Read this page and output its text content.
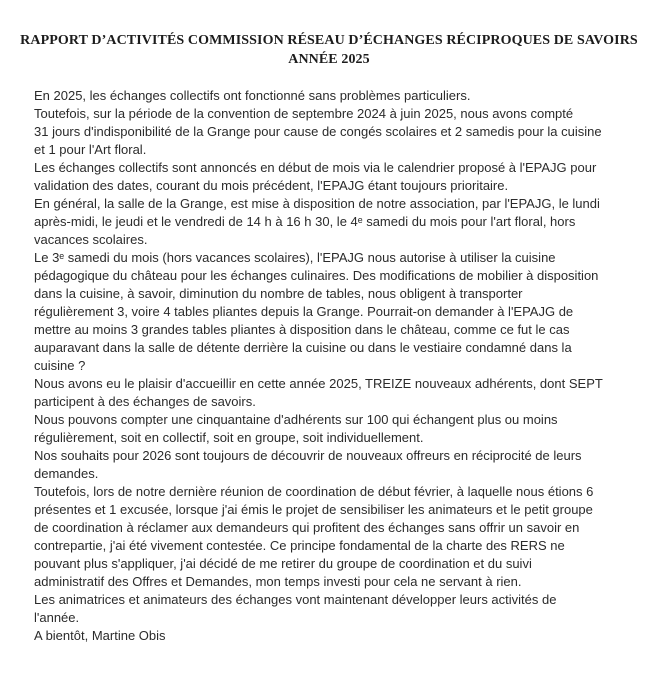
RAPPORT D’ACTIVITÉS COMMISSION RÉSEAU D’ÉCHANGES RÉCIPROQUES DE SAVOIRS
ANNÉE 2025

En 2025, les échanges collectifs ont fonctionné sans problèmes particuliers.

Toutefois, sur la période de la convention de septembre 2024 à juin 2025, nous avons compté
31 jours d'indisponibilité de la Grange pour cause de congés scolaires et 2 samedis pour la cuisine
et 1 pour l'Art floral.

Les échanges collectifs sont annoncés en début de mois via le calendrier proposé à l'EPAJG pour
validation des dates, courant du mois précédent, l'EPAJG étant toujours prioritaire.

En général, la salle de la Grange, est mise à disposition de notre association, par l'EPAJG, le lundi
après-midi, le jeudi et le vendredi de 14 h à 16 h 30, le 4ᵉ samedi du mois pour l'art floral, hors
vacances scolaires.

Le 3ᵉ samedi du mois (hors vacances scolaires), l'EPAJG nous autorise à utiliser la cuisine
pédagogique du château pour les échanges culinaires. Des modifications de mobilier à disposition
dans la cuisine, à savoir, diminution du nombre de tables, nous obligent à transporter
régulièrement 3, voire 4 tables pliantes depuis la Grange. Pourrait-on demander à l'EPAJG de
mettre au moins 3 grandes tables pliantes à disposition dans le château, comme ce fut le cas
auparavant dans la salle de détente derrière la cuisine ou dans le vestiaire condamné dans la
cuisine ?

Nous avons eu le plaisir d'accueillir en cette année 2025, TREIZE nouveaux adhérents, dont SEPT
participent à des échanges de savoirs.

Nous pouvons compter une cinquantaine d'adhérents sur 100 qui échangent plus ou moins
régulièrement, soit en collectif, soit en groupe, soit individuellement.

Nos souhaits pour 2026 sont toujours de découvrir de nouveaux offreurs en réciprocité de leurs
demandes.

Toutefois, lors de notre dernière réunion de coordination de début février, à laquelle nous étions 6
présentes et 1 excusée, lorsque j'ai émis le projet de sensibiliser les animateurs et le petit groupe
de coordination à réclamer aux demandeurs qui profitent des échanges sans offrir un savoir en
contrepartie, j'ai été vivement contestée. Ce principe fondamental de la charte des RERS ne
pouvant plus s'appliquer, j'ai décidé de me retirer du groupe de coordination et du suivi
administratif des Offres et Demandes, mon temps investi pour cela ne servant à rien.

Les animatrices et animateurs des échanges vont maintenant développer leurs activités de
l'année.

A bientôt, Martine Obis
